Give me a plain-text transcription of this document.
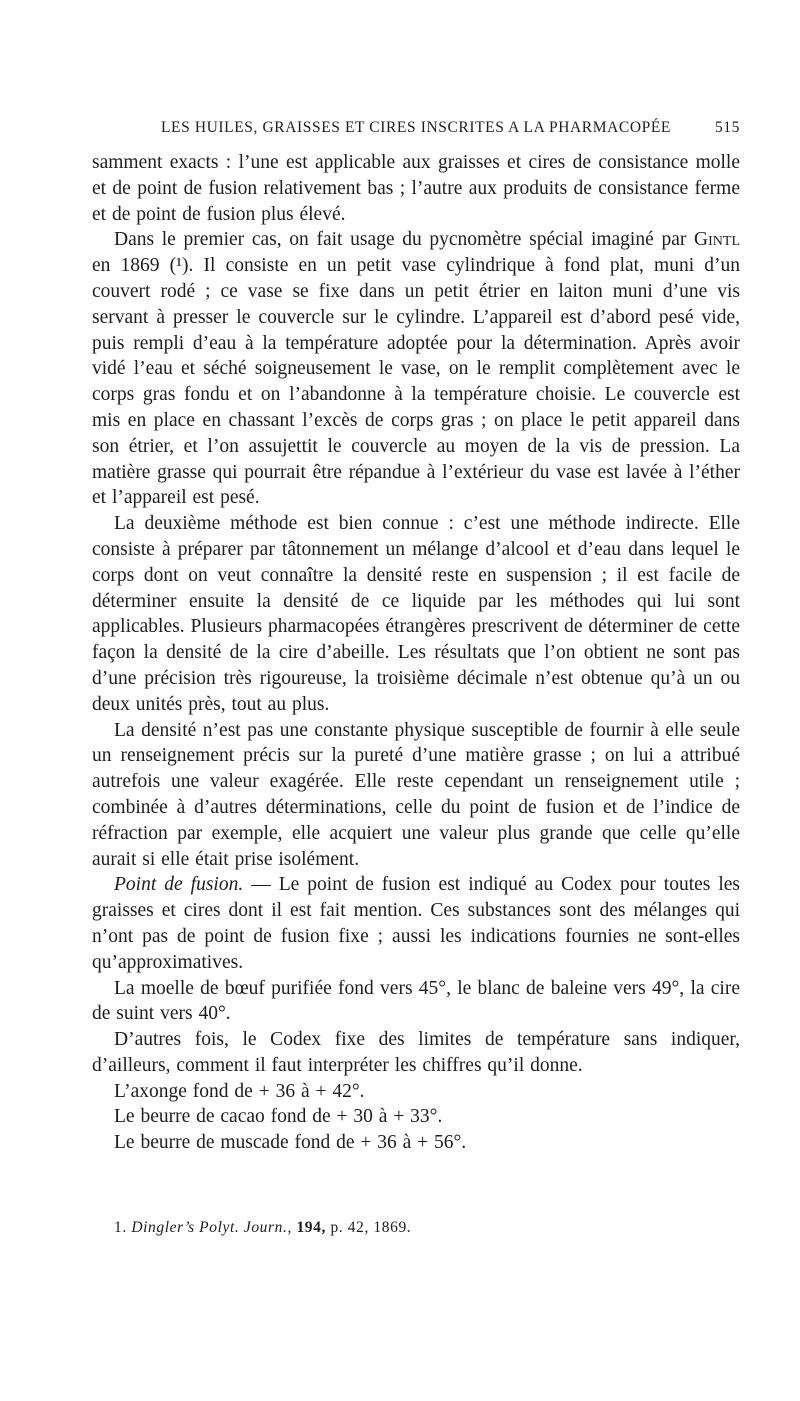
LES HUILES, GRAISSES ET CIRES INSCRITES A LA PHARMACOPÉE	515

samment exacts : l’une est applicable aux graisses et cires de consistance molle et de point de fusion relativement bas ; l’autre aux produits de consistance ferme et de point de fusion plus élevé.

Dans le premier cas, on fait usage du pycnomètre spécial imaginé par Gintl en 1869 (¹). Il consiste en un petit vase cylindrique à fond plat, muni d’un couvert rodé ; ce vase se fixe dans un petit étrier en laiton muni d’une vis servant à presser le couvercle sur le cylindre. L’appareil est d’abord pesé vide, puis rempli d’eau à la température adoptée pour la détermination. Après avoir vidé l’eau et séché soigneusement le vase, on le remplit complètement avec le corps gras fondu et on l’abandonne à la température choisie. Le couvercle est mis en place en chassant l’excès de corps gras ; on place le petit appareil dans son étrier, et l’on assujettit le couvercle au moyen de la vis de pression. La matière grasse qui pourrait être répandue à l’extérieur du vase est lavée à l’éther et l’appareil est pesé.

La deuxième méthode est bien connue : c’est une méthode indirecte. Elle consiste à préparer par tâtonnement un mélange d’alcool et d’eau dans lequel le corps dont on veut connaître la densité reste en suspension ; il est facile de déterminer ensuite la densité de ce liquide par les méthodes qui lui sont applicables. Plusieurs pharmacopées étrangères prescrivent de déterminer de cette façon la densité de la cire d’abeille. Les résultats que l’on obtient ne sont pas d’une précision très rigoureuse, la troisième décimale n’est obtenue qu’à un ou deux unités près, tout au plus.

La densité n’est pas une constante physique susceptible de fournir à elle seule un renseignement précis sur la pureté d’une matière grasse ; on lui a attribué autrefois une valeur exagérée. Elle reste cependant un renseignement utile ; combinée à d’autres déterminations, celle du point de fusion et de l’indice de réfraction par exemple, elle acquiert une valeur plus grande que celle qu’elle aurait si elle était prise isolément.

Point de fusion. — Le point de fusion est indiqué au Codex pour toutes les graisses et cires dont il est fait mention. Ces substances sont des mélanges qui n’ont pas de point de fusion fixe ; aussi les indications fournies ne sont-elles qu’approximatives.

La moelle de bœuf purifiée fond vers 45°, le blanc de baleine vers 49°, la cire de suint vers 40°.

D’autres fois, le Codex fixe des limites de température sans indiquer, d’ailleurs, comment il faut interpréter les chiffres qu’il donne.

L’axonge fond de + 36 à + 42°.

Le beurre de cacao fond de + 30 à + 33°.

Le beurre de muscade fond de + 36 à + 56°.

1. Dingler’s Polyt. Journ., 194, p. 42, 1869.
